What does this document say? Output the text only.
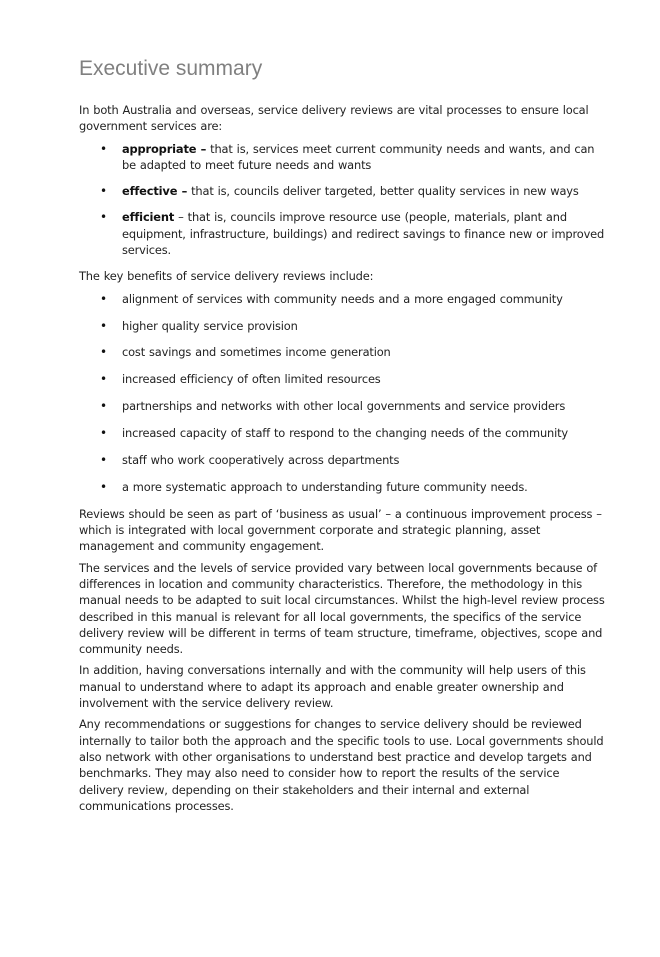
Executive summary

In both Australia and overseas, service delivery reviews are vital processes to ensure local government services are:

• appropriate – that is, services meet current community needs and wants, and can be adapted to meet future needs and wants
• effective – that is, councils deliver targeted, better quality services in new ways
• efficient – that is, councils improve resource use (people, materials, plant and equipment, infrastructure, buildings) and redirect savings to finance new or improved services.

The key benefits of service delivery reviews include:

• alignment of services with community needs and a more engaged community
• higher quality service provision
• cost savings and sometimes income generation
• increased efficiency of often limited resources
• partnerships and networks with other local governments and service providers
• increased capacity of staff to respond to the changing needs of the community
• staff who work cooperatively across departments
• a more systematic approach to understanding future community needs.

Reviews should be seen as part of ‘business as usual’ – a continuous improvement process – which is integrated with local government corporate and strategic planning, asset management and community engagement.

The services and the levels of service provided vary between local governments because of differences in location and community characteristics. Therefore, the methodology in this manual needs to be adapted to suit local circumstances. Whilst the high-level review process described in this manual is relevant for all local governments, the specifics of the service delivery review will be different in terms of team structure, timeframe, objectives, scope and community needs.

In addition, having conversations internally and with the community will help users of this manual to understand where to adapt its approach and enable greater ownership and involvement with the service delivery review.

Any recommendations or suggestions for changes to service delivery should be reviewed internally to tailor both the approach and the specific tools to use. Local governments should also network with other organisations to understand best practice and develop targets and benchmarks. They may also need to consider how to report the results of the service delivery review, depending on their stakeholders and their internal and external communications processes.
